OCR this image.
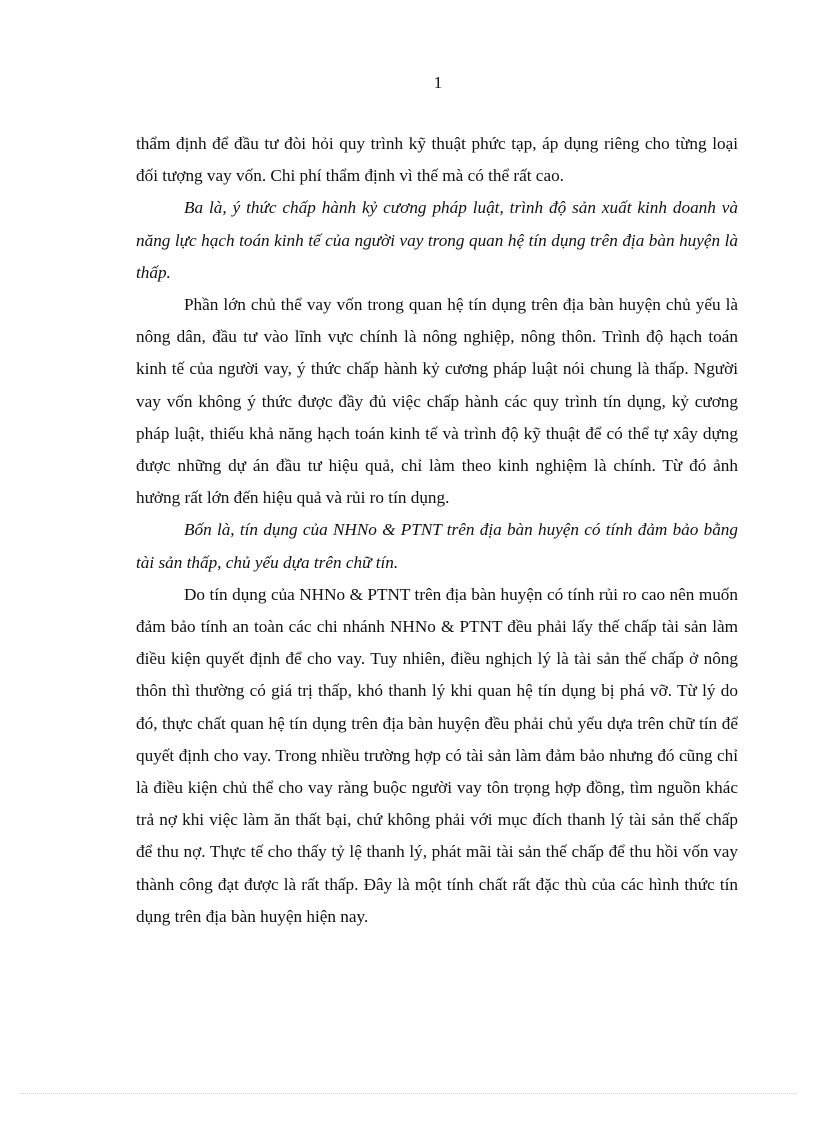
1

thẩm định để đầu tư đòi hỏi quy trình kỹ thuật phức tạp, áp dụng riêng cho từng loại đối tượng vay vốn. Chi phí thẩm định vì thế mà có thể rất cao.

Ba là, ý thức chấp hành kỷ cương pháp luật, trình độ sản xuất kinh doanh và năng lực hạch toán kinh tế của người vay trong quan hệ tín dụng trên địa bàn huyện là thấp.

Phần lớn chủ thể vay vốn trong quan hệ tín dụng trên địa bàn huyện chủ yếu là nông dân, đầu tư vào lĩnh vực chính là nông nghiệp, nông thôn. Trình độ hạch toán kinh tế của người vay, ý thức chấp hành kỷ cương pháp luật nói chung là thấp. Người vay vốn không ý thức được đầy đủ việc chấp hành các quy trình tín dụng, kỷ cương pháp luật, thiếu khả năng hạch toán kinh tế và trình độ kỹ thuật để có thể tự xây dựng được những dự án đầu tư hiệu quả, chỉ làm theo kinh nghiệm là chính. Từ đó ảnh hưởng rất lớn đến hiệu quả và rủi ro tín dụng.

Bốn là, tín dụng của NHNo & PTNT trên địa bàn huyện có tính đảm bảo bằng tài sản thấp, chủ yếu dựa trên chữ tín.

Do tín dụng của NHNo & PTNT trên địa bàn huyện có tính rủi ro cao nên muốn đảm bảo tính an toàn các chi nhánh NHNo & PTNT đều phải lấy thế chấp tài sản làm điều kiện quyết định để cho vay. Tuy nhiên, điều nghịch lý là tài sản thế chấp ở nông thôn thì thường có giá trị thấp, khó thanh lý khi quan hệ tín dụng bị phá vỡ. Từ lý do đó, thực chất quan hệ tín dụng trên địa bàn huyện đều phải chủ yếu dựa trên chữ tín để quyết định cho vay. Trong nhiều trường hợp có tài sản làm đảm bảo nhưng đó cũng chỉ là điều kiện chủ thể cho vay ràng buộc người vay tôn trọng hợp đồng, tìm nguồn khác trả nợ khi việc làm ăn thất bại, chứ không phải với mục đích thanh lý tài sản thế chấp để thu nợ. Thực tế cho thấy tỷ lệ thanh lý, phát mãi tài sản thế chấp để thu hồi vốn vay thành công đạt được là rất thấp. Đây là một tính chất rất đặc thù của các hình thức tín dụng trên địa bàn huyện hiện nay.
